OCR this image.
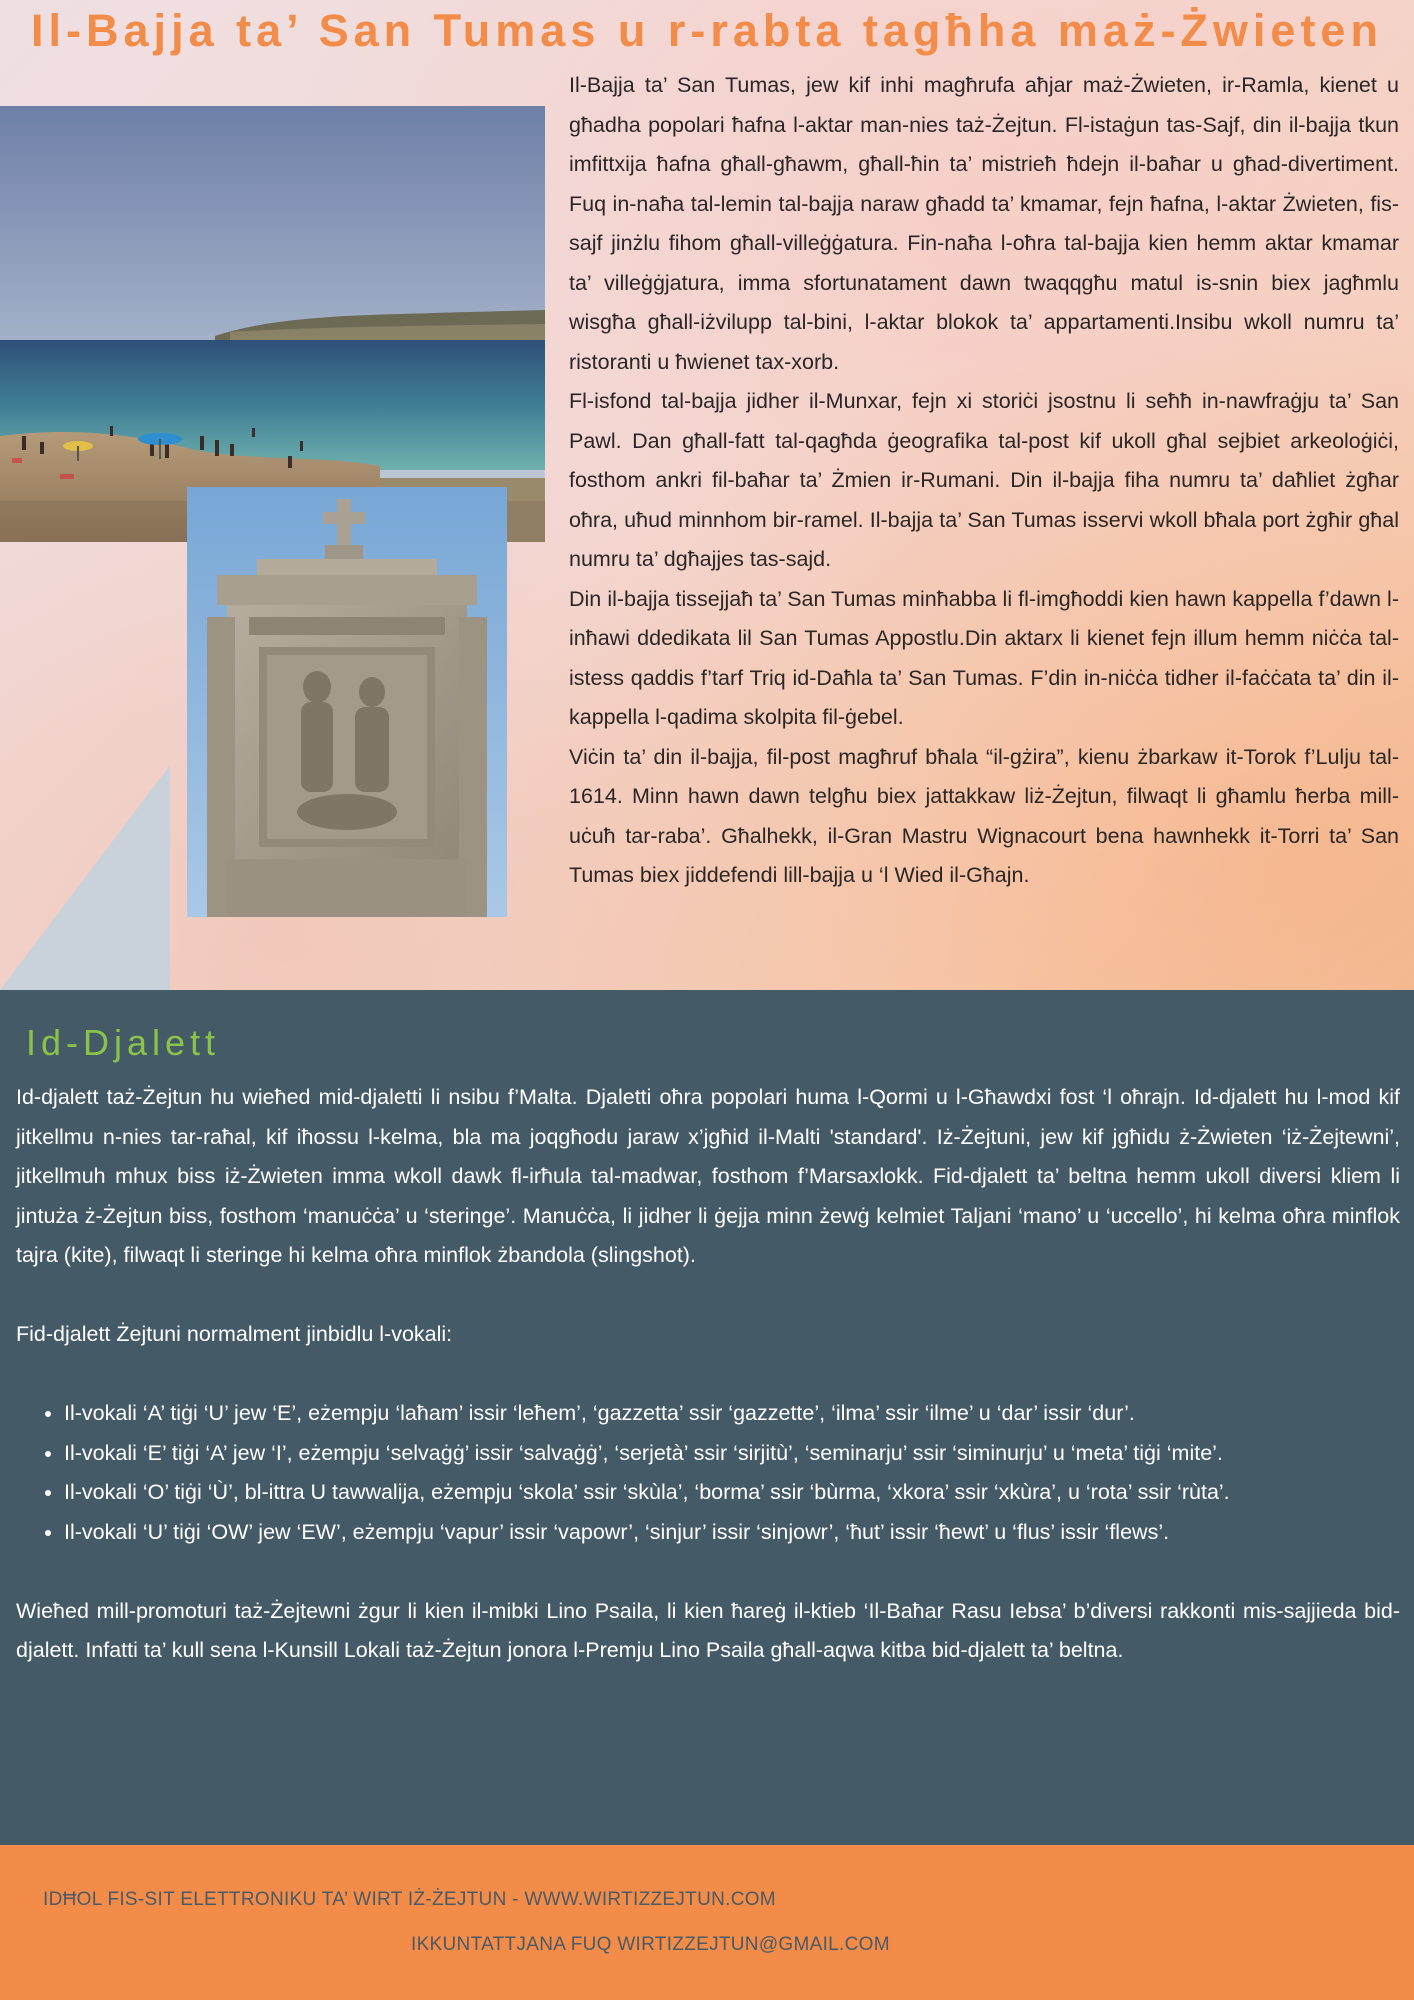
Il-Bajja ta’ San Tumas u r-rabta tagħha maż-Żwieten

Il-Bajja ta’ San Tumas, jew kif inhi magħrufa aħjar maż-Żwieten, ir-Ramla, kienet u għadha popolari ħafna l-aktar man-nies taż-Żejtun. Fl-istaġun tas-Sajf, din il-bajja tkun imfittxija ħafna għall-għawm, għall-ħin ta’ mistrieħ ħdejn il-baħar u għad-divertiment. Fuq in-naħa tal-lemin tal-bajja naraw għadd ta’ kmamar, fejn ħafna, l-aktar Żwieten, fis-sajf jinżlu fihom għall-villeġġatura. Fin-naħa l-oħra tal-bajja kien hemm aktar kmamar ta’ villeġġjatura, imma sfortunatament dawn twaqqgħu matul is-snin biex jagħmlu wisgħa għall-iżvilupp tal-bini, l-aktar blokok ta’ appartamenti.Insibu wkoll numru ta’ ristoranti u ħwienet tax-xorb.

Fl-isfond tal-bajja jidher il-Munxar, fejn xi storiċi jsostnu li seħħ in-nawfraġju ta’ San Pawl. Dan għall-fatt tal-qagħda ġeografika tal-post kif ukoll għal sejbiet arkeoloġiċi, fosthom ankri fil-baħar ta’ Żmien ir-Rumani. Din il-bajja fiha numru ta’ daħliet żgħar oħra, uħud minnhom bir-ramel. Il-bajja ta’ San Tumas isservi wkoll bħala port żgħir għal numru ta’ dgħajjes tas-sajd.

Din il-bajja tissejjaħ ta’ San Tumas minħabba li fl-imgħoddi kien hawn kappella f’dawn l-inħawi ddedikata lil San Tumas Appostlu.Din aktarx li kienet fejn illum hemm niċċa tal-istess qaddis f’tarf Triq id-Daħla ta’ San Tumas. F’din in-niċċa tidher il-faċċata ta’ din il-kappella l-qadima skolpita fil-ġebel.

Viċin ta’ din il-bajja, fil-post magħruf bħala “il-gżira”, kienu żbarkaw it-Torok f’Lulju tal-1614. Minn hawn dawn telgħu biex jattakkaw liż-Żejtun, filwaqt li għamlu ħerba mill-uċuħ tar-raba’. Għalhekk, il-Gran Mastru Wignacourt bena hawnhekk it-Torri ta’ San Tumas biex jiddefendi lill-bajja u ‘l Wied il-Għajn.

Id-Djalett

Id-djalett taż-Żejtun hu wieħed mid-djaletti li nsibu f’Malta. Djaletti oħra popolari huma l-Qormi u l-Għawdxi fost ‘l oħrajn. Id-djalett hu l-mod kif jitkellmu n-nies tar-raħal, kif iħossu l-kelma, bla ma joqgħodu jaraw x’jgħid il-Malti 'standard'. Iż-Żejtuni, jew kif jgħidu ż-Żwieten ‘iż-Żejtewni’, jitkellmuh mhux biss iż-Żwieten imma wkoll dawk fl-irħula tal-madwar, fosthom f’Marsaxlokk. Fid-djalett ta’ beltna hemm ukoll diversi kliem li jintuża ż-Żejtun biss, fosthom ‘manuċċa’ u ‘steringe’. Manuċċa, li jidher li ġejja minn żewġ kelmiet Taljani ‘mano’ u ‘uccello’, hi kelma oħra minflok tajra (kite), filwaqt li steringe hi kelma oħra minflok żbandola (slingshot).

Fid-djalett Żejtuni normalment jinbidlu l-vokali:

• Il-vokali ‘A’ tiġi ‘U’ jew ‘E’, eżempju ‘laħam’ issir ‘leħem’, ‘gazzetta’ ssir ‘gazzette’, ‘ilma’ ssir ‘ilme’ u ‘dar’ issir ‘dur’.
• Il-vokali ‘E’ tiġi ‘A’ jew ‘I’, eżempju ‘selvaġġ’ issir ‘salvaġġ’, ‘serjetà’ ssir ‘sirjitù’, ‘seminarju’ ssir ‘siminurju’ u ‘meta’ tiġi ‘mite’.
• Il-vokali ‘O’ tiġi ‘Ù’, bl-ittra U tawwalija, eżempju ‘skola’ ssir ‘skùla’, ‘borma’ ssir ‘bùrma, ‘xkora’ ssir ‘xkùra’, u ‘rota’ ssir ‘rùta’.
• Il-vokali ‘U’ tiġi ‘OW’ jew ‘EW’, eżempju ‘vapur’ issir ‘vapowr’, ‘sinjur’ issir ‘sinjowr’, ‘ħut’ issir ‘ħewt’ u ‘flus’ issir ‘flews’.

Wieħed mill-promoturi taż-Żejtewni żgur li kien il-mibki Lino Psaila, li kien ħareġ il-ktieb ‘Il-Baħar Rasu Iebsa’ b’diversi rakkonti mis-sajjieda bid-djalett. Infatti ta’ kull sena l-Kunsill Lokali taż-Żejtun jonora l-Premju Lino Psaila għall-aqwa kitba bid-djalett ta’ beltna.

IDĦOL FIS-SIT ELETTRONIKU TA’ WIRT IŻ-ŻEJTUN - WWW.WIRTIZZEJTUN.COM

IKKUNTATTJANA FUQ WIRTIZZEJTUN@GMAIL.COM
